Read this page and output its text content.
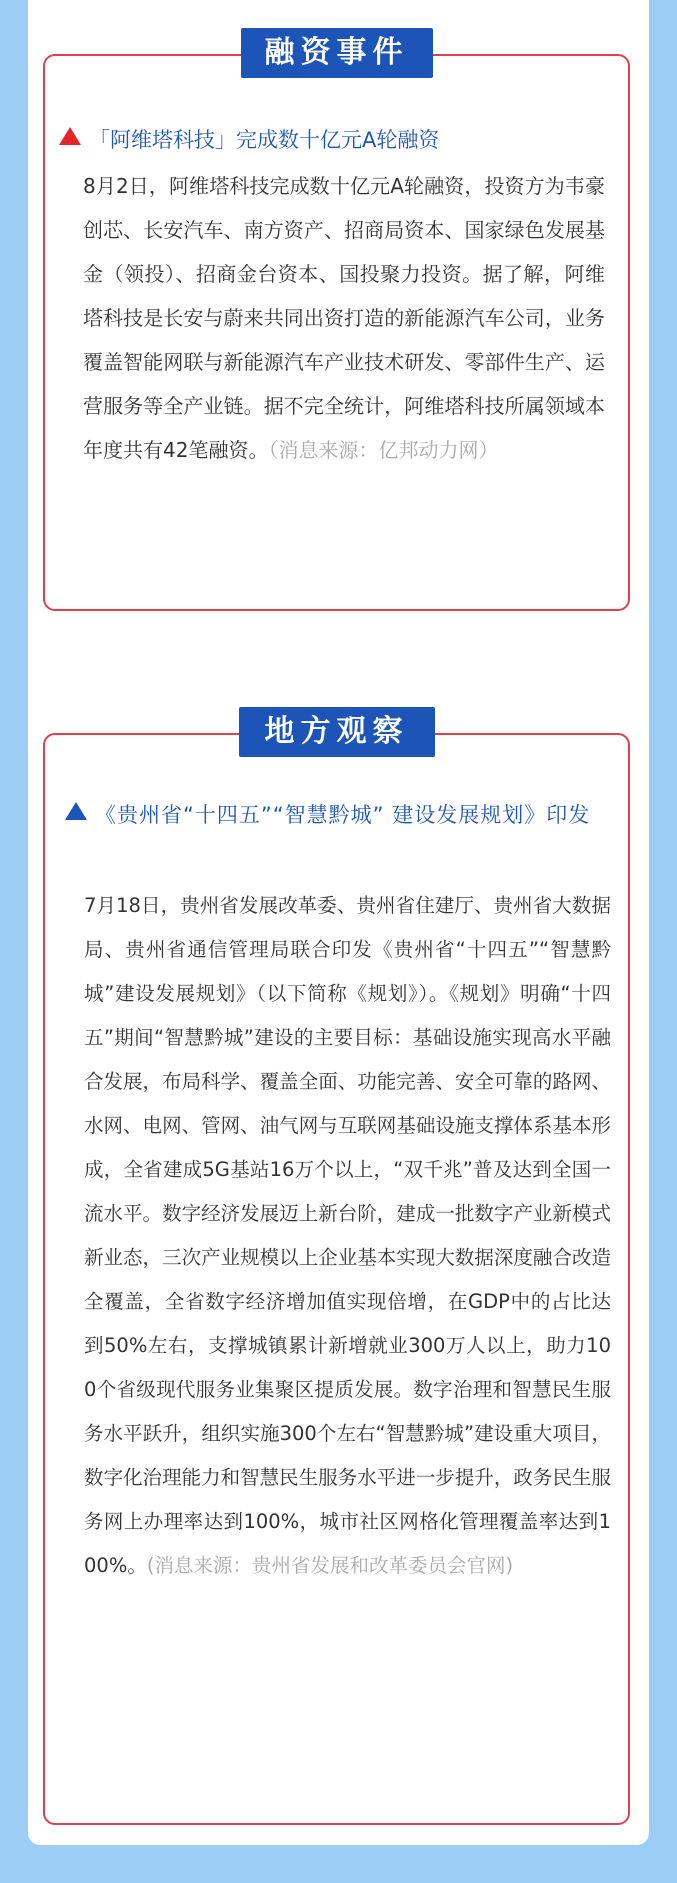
融资事件
「阿维塔科技」完成数十亿元A轮融资

8月2日，阿维塔科技完成数十亿元A轮融资，投资方为韦豪创芯、长安汽车、南方资产、招商局资本、国家绿色发展基金（领投）、招商金台资本、国投聚力投资。据了解，阿维塔科技是长安与蔚来共同出资打造的新能源汽车公司，业务覆盖智能网联与新能源汽车产业技术研发、零部件生产、运营服务等全产业链。据不完全统计，阿维塔科技所属领域本年度共有42笔融资。（消息来源：亿邦动力网）

地方观察
《贵州省“十四五”“智慧黔城” 建设发展规划》印发

7月18日，贵州省发展改革委、贵州省住建厅、贵州省大数据局、贵州省通信管理局联合印发《贵州省“十四五”“智慧黔城”建设发展规划》（以下简称《规划》）。《规划》明确“十四五”期间“智慧黔城”建设的主要目标：基础设施实现高水平融合发展，布局科学、覆盖全面、功能完善、安全可靠的路网、水网、电网、管网、油气网与互联网基础设施支撑体系基本形成，全省建成5G基站16万个以上，“双千兆”普及达到全国一流水平。数字经济发展迈上新台阶，建成一批数字产业新模式新业态，三次产业规模以上企业基本实现大数据深度融合改造全覆盖，全省数字经济增加值实现倍增，在GDP中的占比达到50%左右，支撑城镇累计新增就业300万人以上，助力100个省级现代服务业集聚区提质发展。数字治理和智慧民生服务水平跃升，组织实施300个左右“智慧黔城”建设重大项目，数字化治理能力和智慧民生服务水平进一步提升，政务民生服务网上办理率达到100%，城市社区网格化管理覆盖率达到100%。(消息来源：贵州省发展和改革委员会官网)
